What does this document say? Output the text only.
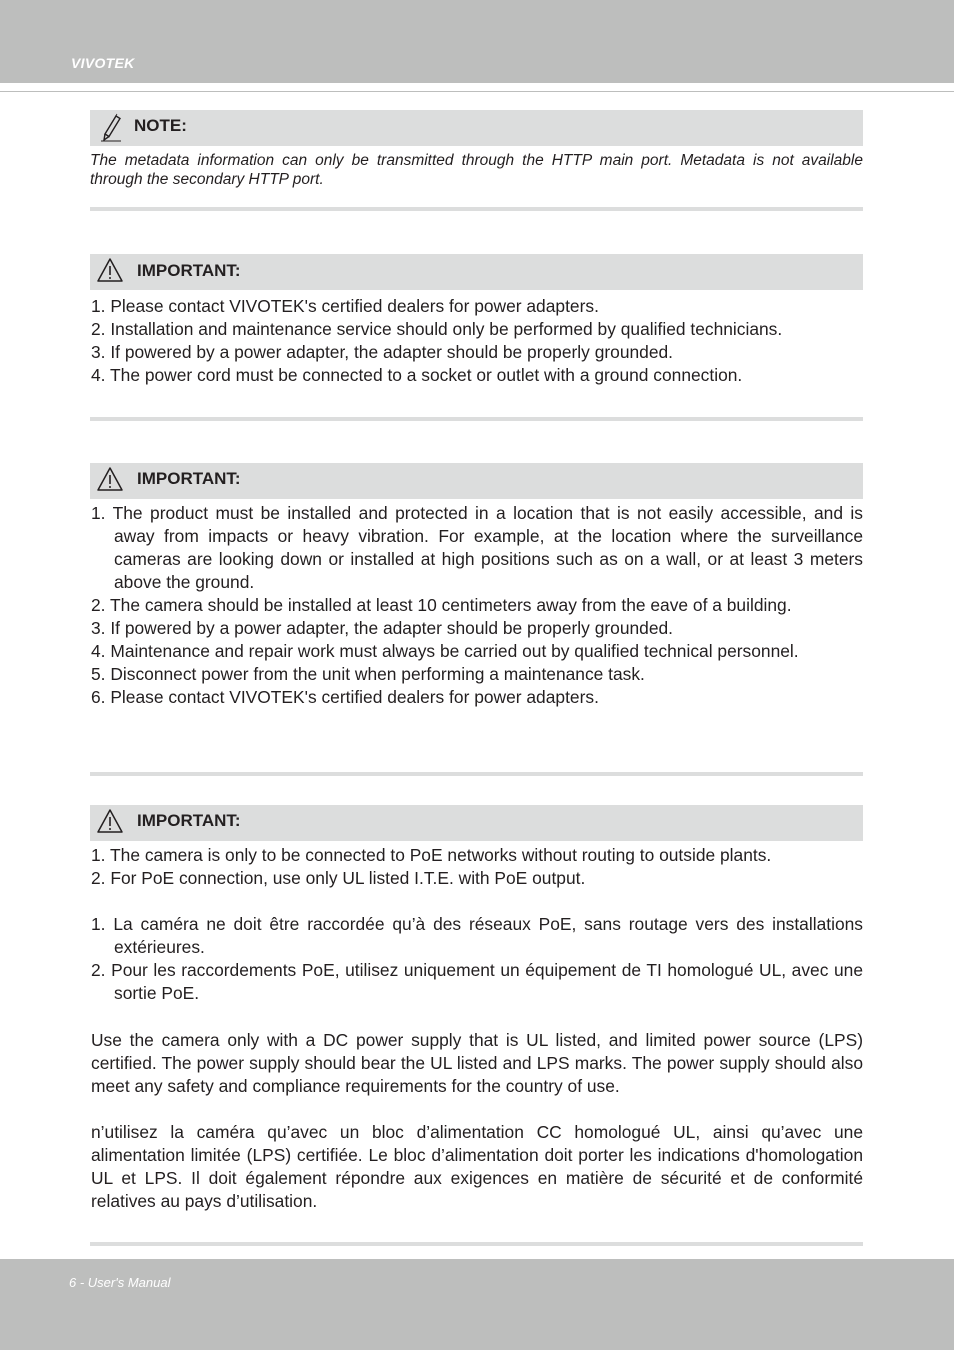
VIVOTEK
NOTE:
The metadata information can only be transmitted through the HTTP main port. Metadata is not available through the secondary HTTP port.
IMPORTANT:
1. Please contact VIVOTEK's certified dealers for power adapters.
2. Installation and maintenance service should only be performed by qualified technicians.
3. If powered by a power adapter, the adapter should be properly grounded.
4. The power cord must be connected to a socket or outlet with a ground connection.
IMPORTANT:
1. The product must be installed and protected in a location that is not easily accessible, and is away from impacts or heavy vibration. For example, at the location where the surveillance cameras are looking down or installed at high positions such as on a wall, or at least 3 meters above the ground.
2. The camera should be installed at least 10 centimeters away from the eave of a building.
3. If powered by a power adapter, the adapter should be properly grounded.
4. Maintenance and repair work must always be carried out by qualified technical personnel.
5. Disconnect power from the unit when performing a maintenance task.
6. Please contact VIVOTEK's certified dealers for power adapters.
IMPORTANT:
1. The camera is only to be connected to PoE networks without routing to outside plants.
2. For PoE connection, use only UL listed I.T.E. with PoE output.
1. La caméra ne doit être raccordée qu’à des réseaux PoE, sans routage vers des installations extérieures.
2. Pour les raccordements PoE, utilisez uniquement un équipement de TI homologué UL, avec une sortie PoE.

Use the camera only with a DC power supply that is UL listed, and limited power source (LPS) certified. The power supply should bear the UL listed and LPS marks. The power supply should also meet any safety and compliance requirements for the country of use.

n’utilisez la caméra qu’avec un bloc d’alimentation CC homologué UL, ainsi qu’avec une alimentation limitée (LPS) certifiée. Le bloc d’alimentation doit porter les indications d'homologation UL et LPS. Il doit également répondre aux exigences en matière de sécurité et de conformité relatives au pays d’utilisation.

6 - User's Manual
